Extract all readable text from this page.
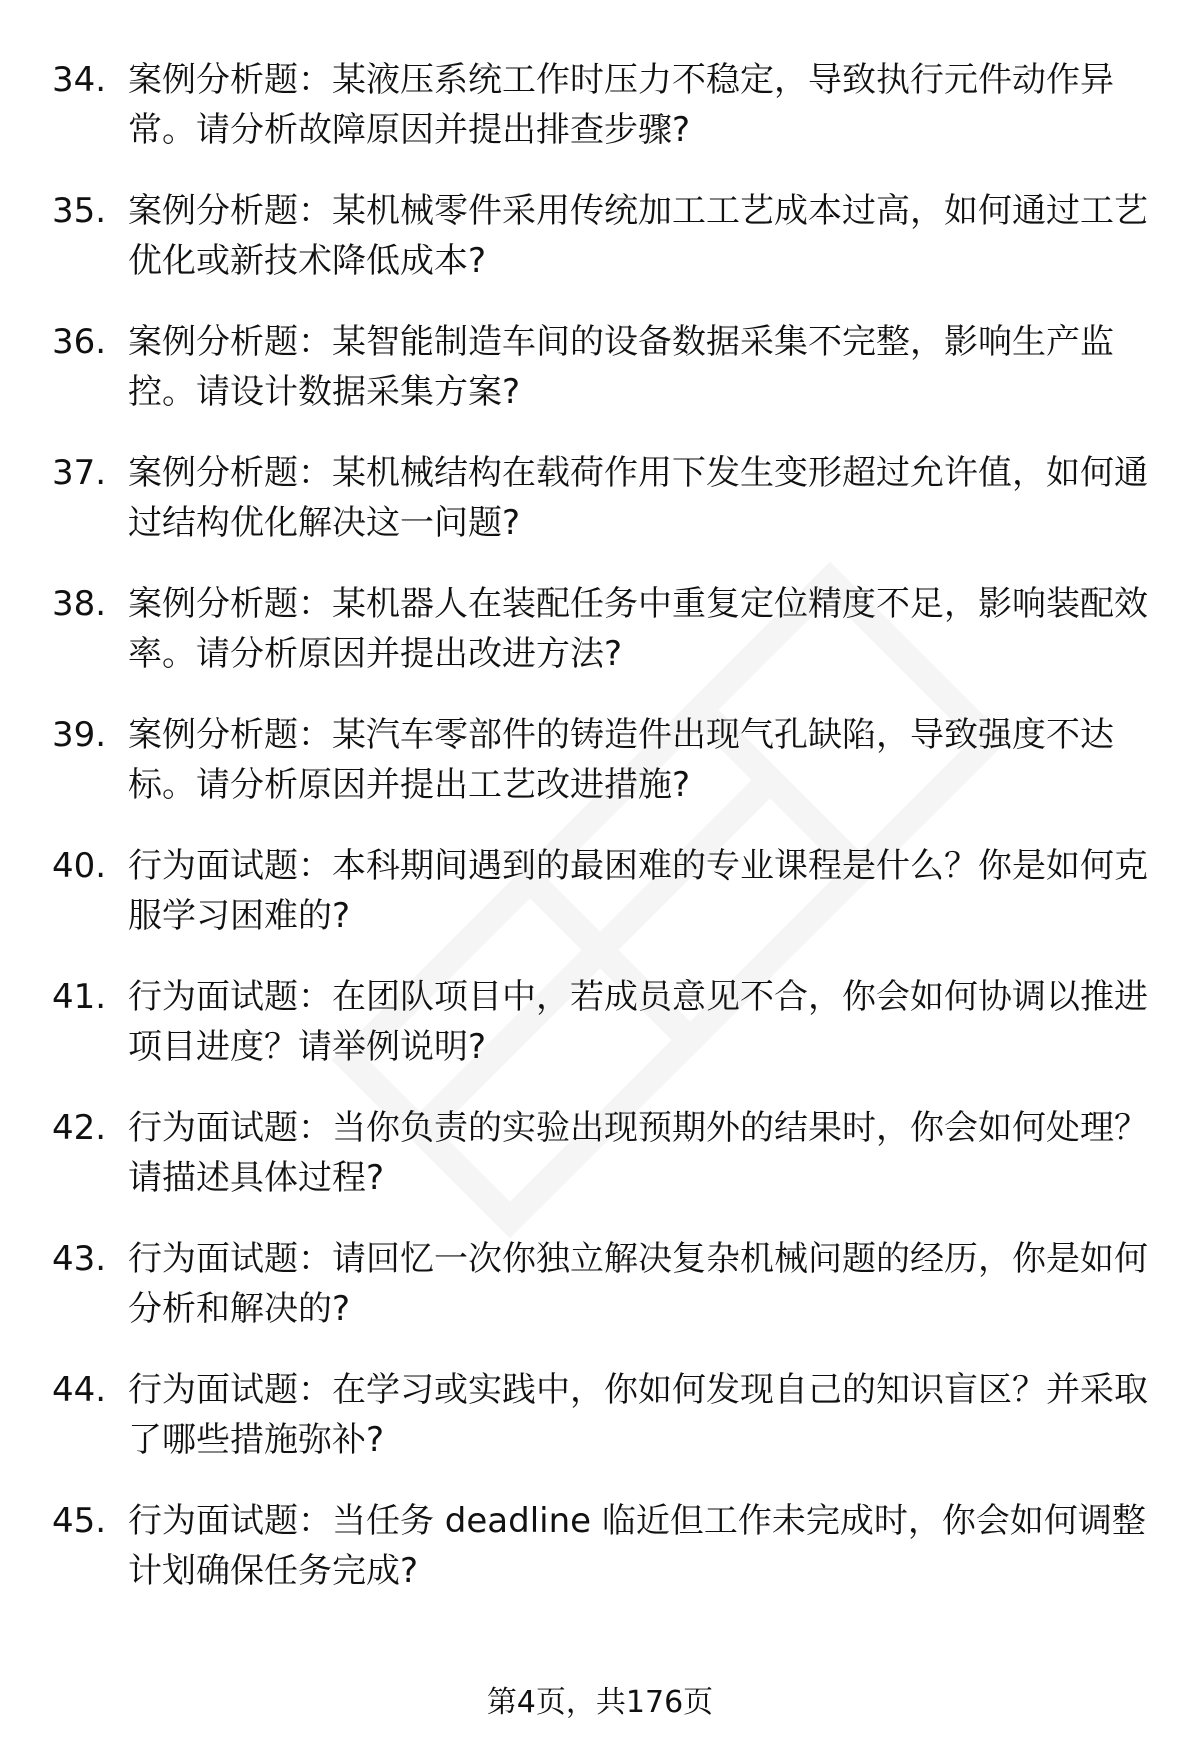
34. 案例分析题：某液压系统工作时压力不稳定，导致执行元件动作异常。请分析故障原因并提出排查步骤?
35. 案例分析题：某机械零件采用传统加工工艺成本过高，如何通过工艺优化或新技术降低成本?
36. 案例分析题：某智能制造车间的设备数据采集不完整，影响生产监控。请设计数据采集方案?
37. 案例分析题：某机械结构在载荷作用下发生变形超过允许值，如何通过结构优化解决这一问题?
38. 案例分析题：某机器人在装配任务中重复定位精度不足，影响装配效率。请分析原因并提出改进方法?
39. 案例分析题：某汽车零部件的铸造件出现气孔缺陷，导致强度不达标。请分析原因并提出工艺改进措施?
40. 行为面试题：本科期间遇到的最困难的专业课程是什么？你是如何克服学习困难的?
41. 行为面试题：在团队项目中，若成员意见不合，你会如何协调以推进项目进度？请举例说明?
42. 行为面试题：当你负责的实验出现预期外的结果时，你会如何处理？请描述具体过程?
43. 行为面试题：请回忆一次你独立解决复杂机械问题的经历，你是如何分析和解决的?
44. 行为面试题：在学习或实践中，你如何发现自己的知识盲区？并采取了哪些措施弥补?
45. 行为面试题：当任务 deadline 临近但工作未完成时，你会如何调整计划确保任务完成?
第4页，共176页
